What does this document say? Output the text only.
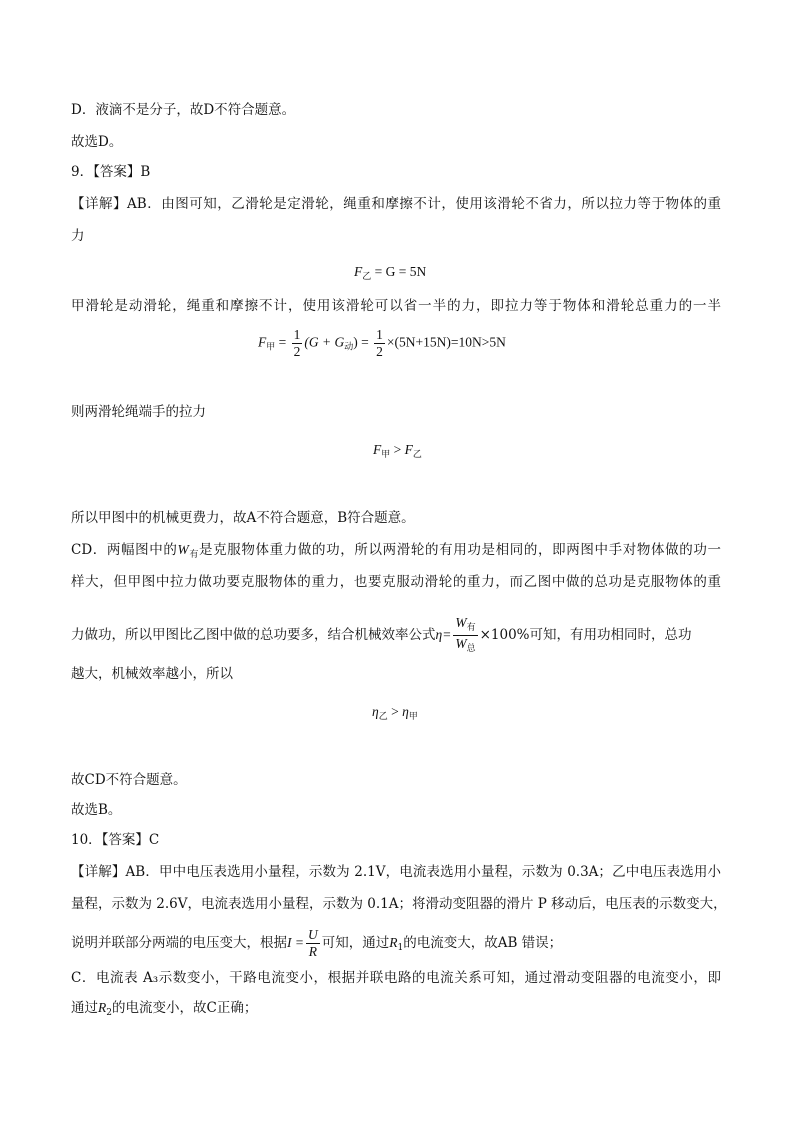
D．液滴不是分子，故D不符合题意。
故选D。
9．【答案】B
【详解】AB．由图可知，乙滑轮是定滑轮，绳重和摩擦不计，使用该滑轮不省力，所以拉力等于物体的重
力
$F_乙 = G = 5N$
甲滑轮是动滑轮，绳重和摩擦不计，使用该滑轮可以省一半的力，即拉力等于物体和滑轮总重力的一半
$F_甲 = \frac{1}{2} (G + G_动) = \frac{1}{2} \times(5N+15N)=10N>5N$
则两滑轮绳端手的拉力
$F_甲 > F_乙$
所以甲图中的机械更费力，故A不符合题意，B符合题意。
CD．两幅图中的$W_有$是克服物体重力做的功，所以两滑轮的有用功是相同的，即两图中手对物体做的功一
样大，但甲图中拉力做功要克服物体的重力，也要克服动滑轮的重力，而乙图中做的总功是克服物体的重
力做功，所以甲图比乙图中做的总功要多，结合机械效率公式$\eta= \frac{W_有}{W_总} \times 100\%$可知，有用功相同时，总功
越大，机械效率越小，所以
$\eta_乙 > \eta_甲$
故CD不符合题意。
故选B。
10．【答案】C
【详解】AB．甲中电压表选用小量程，示数为 2.1V，电流表选用小量程，示数为 0.3A；乙中电压表选用小
量程，示数为 2.6V，电流表选用小量程，示数为 0.1A；将滑动变阻器的滑片 P 移动后，电压表的示数变大，
说明并联部分两端的电压变大，根据$I = \frac{U}{R}$ 可知，通过$R_1$的电流变大，故AB 错误；
C．电流表 A₃示数变小，干路电流变小，根据并联电路的电流关系可知，通过滑动变阻器的电流变小，即
通过$R_2$的电流变小，故C正确；
